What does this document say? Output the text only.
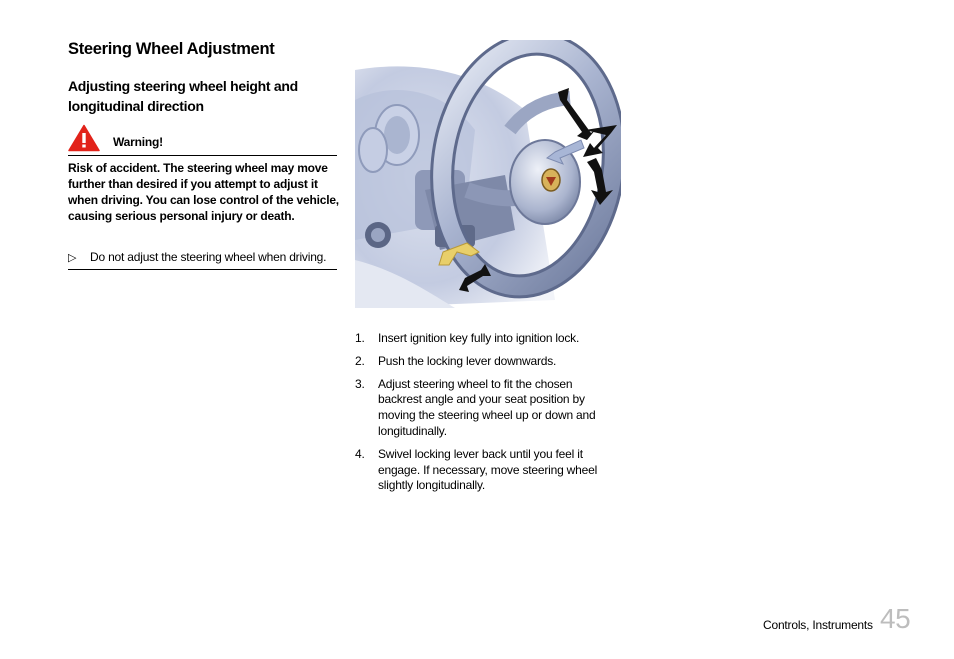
Steering Wheel Adjustment
Adjusting steering wheel height and longitudinal direction
Warning!
Risk of accident. The steering wheel may move further than desired if you attempt to adjust it when driving. You can lose control of the vehicle, causing serious personal injury or death.
▷ Do not adjust the steering wheel when driving.
1. Insert ignition key fully into ignition lock.
2. Push the locking lever downwards.
3. Adjust steering wheel to fit the chosen backrest angle and your seat position by moving the steering wheel up or down and longitudinally.
4. Swivel locking lever back until you feel it engage. If necessary, move steering wheel slightly longitudinally.
Controls, Instruments 45
